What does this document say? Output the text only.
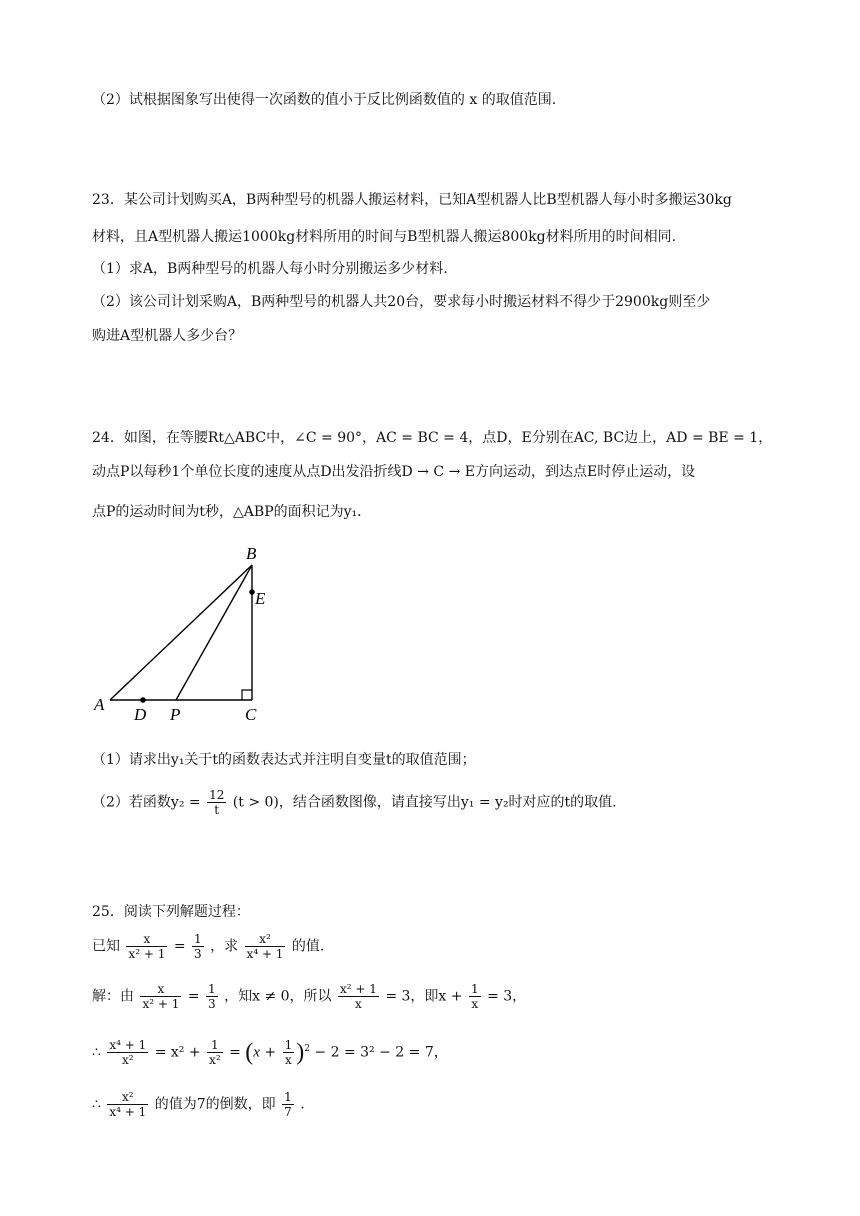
（2）试根据图象写出使得一次函数的值小于反比例函数值的 x 的取值范围.
23．某公司计划购买A，B两种型号的机器人搬运材料，已知A型机器人比B型机器人每小时多搬运30kg
材料，且A型机器人搬运1000kg材料所用的时间与B型机器人搬运800kg材料所用的时间相同.
（1）求A，B两种型号的机器人每小时分别搬运多少材料.
（2）该公司计划采购A，B两种型号的机器人共20台，要求每小时搬运材料不得少于2900kg则至少
购进A型机器人多少台？
24．如图，在等腰Rt△ABC中，∠C = 90°，AC = BC = 4，点D，E分别在AC, BC边上，AD = BE = 1，
动点P以每秒1个单位长度的速度从点D出发沿折线D → C → E方向运动，到达点E时停止运动，设
点P的运动时间为t秒，△ABP的面积记为y₁.
B
E
A
D P	C
（1）请求出y₁关于t的函数表达式并注明自变量t的取值范围；
（2）若函数$y_2 = \frac{12}{t} (t > 0)$，结合函数图像，请直接写出y₁ = y₂时对应的t的取值.
25．阅读下列解题过程：
已知 $\frac{x}{\text{x² + 1}} = \frac{1}{3}$ ，求 $\frac{\text{x²}}{\text{x⁴ + 1}}$ 的值.
解：由 $\frac{x}{\text{x² + 1}} = \frac{1}{3}$ ，知x ≠ 0，所以 $\frac{\text{x² + 1}}{x} = 3$，即$x + \frac{1}{x} = 3$，
∴ $\frac{\text{x⁴ + 1}}{\text{x²}} = x^2 + \frac{1}{\text{x²}} = (x + \frac{1}{x} )^2 - 2 = 3^2 - 2 = 7$，
∴ $\frac{\text{x²}}{\text{x⁴ + 1}}$ 的值为7的倒数，即 $\frac{1}{7}$ .
